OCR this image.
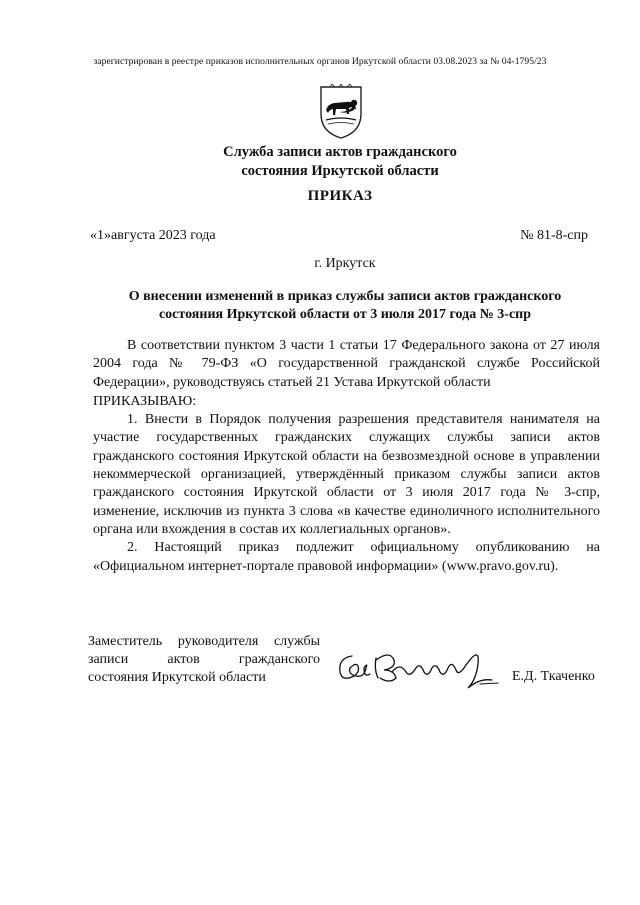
зарегистрирован в реестре приказов исполнительных органов Иркутской области 03.08.2023 за № 04-1795/23
Служба записи актов гражданского
состояния Иркутской области
ПРИКАЗ
«1»августа 2023 года	№ 81-8-спр
г. Иркутск
О внесении изменений в приказ службы записи актов гражданского
состояния Иркутской области от 3 июля 2017 года № 3-спр

В соответствии пунктом 3 части 1 статьи 17 Федерального закона от 27 июля 2004 года № 79-ФЗ «О государственной гражданской службе Российской Федерации», руководствуясь статьей 21 Устава Иркутской области

ПРИКАЗЫВАЮ:

1. Внести в Порядок получения разрешения представителя нанимателя на участие государственных гражданских служащих службы записи актов гражданского состояния Иркутской области на безвозмездной основе в управлении некоммерческой организацией, утверждённый приказом службы записи актов гражданского состояния Иркутской области от 3 июля 2017 года № 3-спр, изменение, исключив из пункта 3 слова «в качестве единоличного исполнительного органа или вхождения в состав их коллегиальных органов».

2. Настоящий приказ подлежит официальному опубликованию на «Официальном интернет-портале правовой информации» (www.pravo.gov.ru).

Заместитель руководителя службы
записи актов гражданского
состояния Иркутской области	Е.Д. Ткаченко
